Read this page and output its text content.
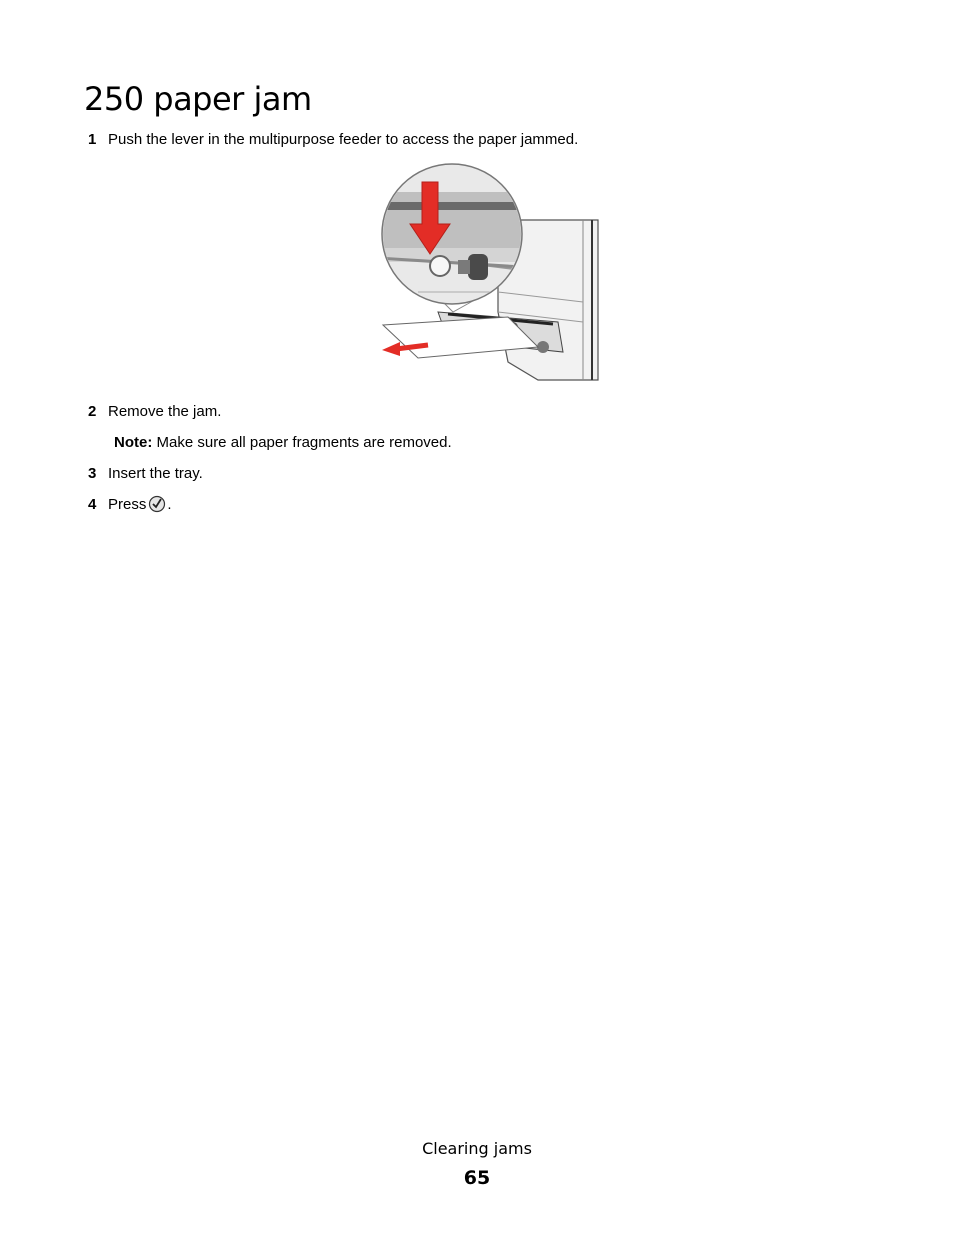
250 paper jam
1 Push the lever in the multipurpose feeder to access the paper jammed.
2 Remove the jam.
Note: Make sure all paper fragments are removed.
3 Insert the tray.
4 Press .
Clearing jams
65
